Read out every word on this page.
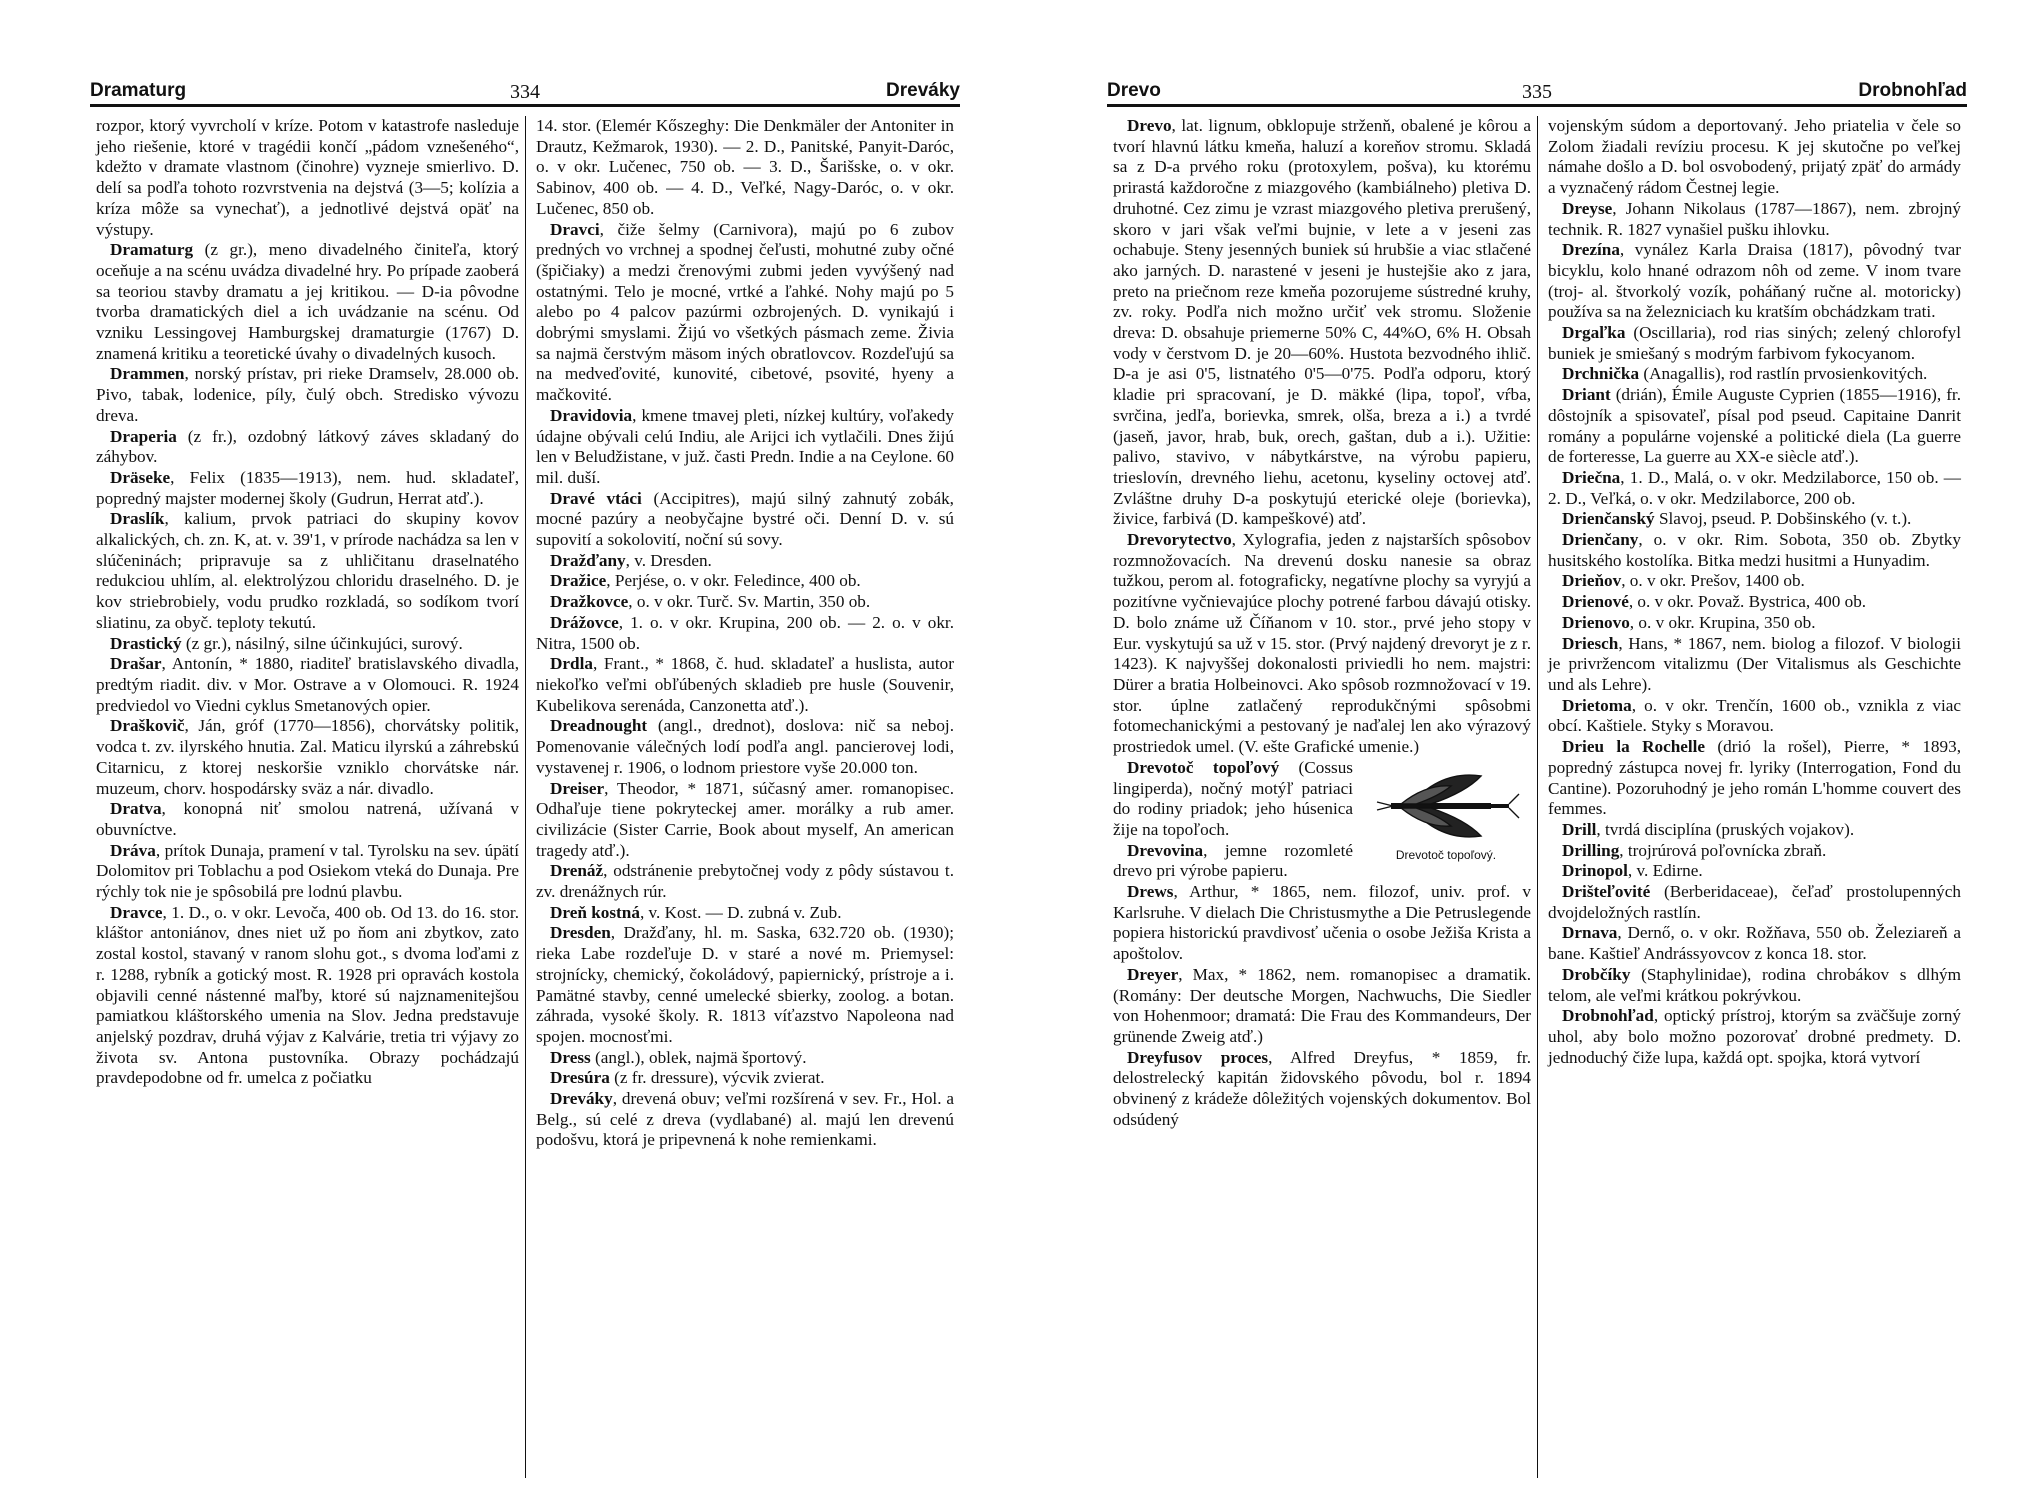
Dramaturg	334	Dreváky

rozpor, ktorý vyvrcholí v kríze. Potom v katastrofe nasleduje jeho riešenie, ktoré v tragédii končí „pádom vznešeného“, kdežto v dramate vlastnom (činohre) vyzneje smierlivo. D. delí sa podľa tohoto rozvrstvenia na dejstvá (3—5; kolízia a kríza môže sa vynechať), a jednotlivé dejstvá opäť na výstupy.

Dramaturg (z gr.), meno divadelného činiteľa, ktorý oceňuje a na scénu uvádza divadelné hry. Po prípade zaoberá sa teoriou stavby dramatu a jej kritikou. — D-ia pôvodne tvorba dramatických diel a ich uvádzanie na scénu. Od vzniku Lessingovej Hamburgskej dramaturgie (1767) D. znamená kritiku a teoretické úvahy o divadelných kusoch.

Drammen, norský prístav, pri rieke Dramselv, 28.000 ob. Pivo, tabak, lodenice, píly, čulý obch. Stredisko vývozu dreva.

Draperia (z fr.), ozdobný látkový záves skladaný do záhybov.

Dräseke, Felix (1835—1913), nem. hud. skladateľ, popredný majster modernej školy (Gudrun, Herrat atď.).

Draslík, kalium, prvok patriaci do skupiny kovov alkalických, ch. zn. K, at. v. 39'1, v prírode nachádza sa len v slúčeninách; pripravuje sa z uhličitanu draselnatého redukciou uhlím, al. elektrolýzou chloridu draselného. D. je kov striebrobiely, vodu prudko rozkladá, so sodíkom tvorí sliatinu, za obyč. teploty tekutú.

Drastický (z gr.), násilný, silne účinkujúci, surový.

Drašar, Antonín, * 1880, riaditeľ bratislavského divadla, predtým riadit. div. v Mor. Ostrave a v Olomouci. R. 1924 predviedol vo Viedni cyklus Smetanových opier.

Draškovič, Ján, gróf (1770—1856), chorvátsky politik, vodca t. zv. ilyrského hnutia. Zal. Maticu ilyrskú a záhrebskú Citarnicu, z ktorej neskoršie vzniklo chorvátske nár. muzeum, chorv. hospodársky sväz a nár. divadlo.

Dratva, konopná niť smolou natrená, užívaná v obuvníctve.

Dráva, prítok Dunaja, pramení v tal. Tyrolsku na sev. úpätí Dolomitov pri Toblachu a pod Osiekom vteká do Dunaja. Pre rýchly tok nie je spôsobilá pre lodnú plavbu.

Dravce, 1. D., o. v okr. Levoča, 400 ob. Od 13. do 16. stor. kláštor antoniánov, dnes niet už po ňom ani zbytkov, zato zostal kostol, stavaný v ranom slohu got., s dvoma loďami z r. 1288, rybník a gotický most. R. 1928 pri opravách kostola objavili cenné nástenné maľby, ktoré sú najznamenitejšou pamiatkou kláštorského umenia na Slov. Jedna predstavuje anjelský pozdrav, druhá výjav z Kalvárie, tretia tri výjavy zo života sv. Antona pustovníka. Obrazy pochádzajú pravdepodobne od fr. umelca z počiatku

14. stor. (Elemér Kőszeghy: Die Denkmäler der Antoniter in Drautz, Kežmarok, 1930). — 2. D., Panitské, Panyit-Daróc, o. v okr. Lučenec, 750 ob. — 3. D., Šarišske, o. v okr. Sabinov, 400 ob. — 4. D., Veľké, Nagy-Daróc, o. v okr. Lučenec, 850 ob.

Dravci, čiže šelmy (Carnivora), majú po 6 zubov predných vo vrchnej a spodnej čeľusti, mohutné zuby očné (špičiaky) a medzi črenovými zubmi jeden vyvýšený nad ostatnými. Telo je mocné, vrtké a ľahké. Nohy majú po 5 alebo po 4 palcov pazúrmi ozbrojených. D. vynikajú i dobrými smyslami. Žijú vo všetkých pásmach zeme. Živia sa najmä čerstvým mäsom iných obratlovcov. Rozdeľujú sa na medveďovité, kunovité, cibetové, psovité, hyeny a mačkovité.

Dravidovia, kmene tmavej pleti, nízkej kultúry, voľakedy údajne obývali celú Indiu, ale Arijci ich vytlačili. Dnes žijú len v Beludžistane, v juž. časti Predn. Indie a na Ceylone. 60 mil. duší.

Dravé vtáci (Accipitres), majú silný zahnutý zobák, mocné pazúry a neobyčajne bystré oči. Denní D. v. sú supovití a sokolovití, noční sú sovy.

Dražďany, v. Dresden.

Dražice, Perjése, o. v okr. Feledince, 400 ob.

Dražkovce, o. v okr. Turč. Sv. Martin, 350 ob.

Drážovce, 1. o. v okr. Krupina, 200 ob. — 2. o. v okr. Nitra, 1500 ob.

Drdla, Frant., * 1868, č. hud. skladateľ a huslista, autor niekoľko veľmi obľúbených skladieb pre husle (Souvenir, Kubelikova serenáda, Canzonetta atď.).

Dreadnought (angl., drednot), doslova: nič sa neboj. Pomenovanie válečných lodí podľa angl. pancierovej lodi, vystavenej r. 1906, o lodnom priestore vyše 20.000 ton.

Dreiser, Theodor, * 1871, súčasný amer. romanopisec. Odhaľuje tiene pokryteckej amer. morálky a rub amer. civilizácie (Sister Carrie, Book about myself, An american tragedy atď.).

Drenáž, odstránenie prebytočnej vody z pôdy sústavou t. zv. drenážnych rúr.

Dreň kostná, v. Kost. — D. zubná v. Zub.

Dresden, Dražďany, hl. m. Saska, 632.720 ob. (1930); rieka Labe rozdeľuje D. v staré a nové m. Priemysel: strojnícky, chemický, čokoládový, papiernický, prístroje a i. Pamätné stavby, cenné umelecké sbierky, zoolog. a botan. záhrada, vysoké školy. R. 1813 víťazstvo Napoleona nad spojen. mocnosťmi.

Dress (angl.), oblek, najmä športový.

Dresúra (z fr. dressure), výcvik zvierat.

Dreváky, drevená obuv; veľmi rozšírená v sev. Fr., Hol. a Belg., sú celé z dreva (vydlabané) al. majú len drevenú podošvu, ktorá je pripevnená k nohe remienkami.

Drevo	335	Drobnohľad

Drevo, lat. lignum, obklopuje strženň, obalené je kôrou a tvorí hlavnú látku kmeňa, haluzí a koreňov stromu. Skladá sa z D-a prvého roku (protoxylem, pošva), ku ktorému prirastá každoročne z miazgového (kambiálneho) pletiva D. druhotné. Cez zimu je vzrast miazgového pletiva prerušený, skoro v jari však veľmi bujnie, v lete a v jeseni zas ochabuje. Steny jesenných buniek sú hrubšie a viac stlačené ako jarných. D. narastené v jeseni je hustejšie ako z jara, preto na priečnom reze kmeňa pozorujeme sústredné kruhy, zv. roky. Podľa nich možno určiť vek stromu. Složenie dreva: D. obsahuje priemerne 50% C, 44%O, 6% H. Obsah vody v čerstvom D. je 20—60%. Hustota bezvodného ihlič. D-a je asi 0'5, listnatého 0'5—0'75. Podľa odporu, ktorý kladie pri spracovaní, je D. mäkké (lipa, topoľ, vŕba, svrčina, jedľa, borievka, smrek, olša, breza a i.) a tvrdé (jaseň, javor, hrab, buk, orech, gaštan, dub a i.). Užitie: palivo, stavivo, v nábytkárstve, na výrobu papieru, trieslovín, drevného liehu, acetonu, kyseliny octovej atď. Zvláštne druhy D-a poskytujú eterické oleje (borievka), živice, farbivá (D. kampeškové) atď.

Drevorytectvo, Xylografia, jeden z najstarších spôsobov rozmnožovacích. Na drevenú dosku nanesie sa obraz tužkou, perom al. fotograficky, negatívne plochy sa vyryjú a pozitívne vyčnievajúce plochy potrené farbou dávajú otisky. D. bolo známe už Číňanom v 10. stor., prvé jeho stopy v Eur. vyskytujú sa už v 15. stor. (Prvý najdený drevoryt je z r. 1423). K najvyššej dokonalosti priviedli ho nem. majstri: Dürer a bratia Holbeinovci. Ako spôsob rozmnožovací v 19. stor. úplne zatlačený reprodukčnými spôsobmi fotomechanickými a pestovaný je naďalej len ako výrazový prostriedok umel. (V. ešte Grafické umenie.)

Drevotoč topoľový.
Drevotoč topoľový (Cossus lingiperda), nočný motýľ patriaci do rodiny priadok; jeho húsenica žije na topoľoch.

Drevovina, jemne rozomleté drevo pri výrobe papieru.

Drews, Arthur, * 1865, nem. filozof, univ. prof. v Karlsruhe. V dielach Die Christusmythe a Die Petruslegende popiera historickú pravdivosť učenia o osobe Ježiša Krista a apoštolov.

Dreyer, Max, * 1862, nem. romanopisec a dramatik. (Romány: Der deutsche Morgen, Nachwuchs, Die Siedler von Hohenmoor; dramatá: Die Frau des Kommandeurs, Der grünende Zweig atď.)

Dreyfusov proces, Alfred Dreyfus, * 1859, fr. delostrelecký kapitán židovského pôvodu, bol r. 1894 obvinený z krádeže dôležitých vojenských dokumentov. Bol odsúdený

vojenským súdom a deportovaný. Jeho priatelia v čele so Zolom žiadali revíziu procesu. K jej skutočne po veľkej námahe došlo a D. bol osvobodený, prijatý zpäť do armády a vyznačený rádom Čestnej legie.

Dreyse, Johann Nikolaus (1787—1867), nem. zbrojný technik. R. 1827 vynašiel pušku ihlovku.

Drezína, vynález Karla Draisa (1817), pôvodný tvar bicyklu, kolo hnané odrazom nôh od zeme. V inom tvare (troj- al. štvorkolý vozík, poháňaný ručne al. motoricky) používa sa na železniciach ku kratším obchádzkam trati.

Drgaľka (Oscillaria), rod rias siných; zelený chlorofyl buniek je smiešaný s modrým farbivom fykocyanom.

Drchnička (Anagallis), rod rastlín prvosienkovitých.

Driant (drián), Émile Auguste Cyprien (1855—1916), fr. dôstojník a spisovateľ, písal pod pseud. Capitaine Danrit romány a populárne vojenské a politické diela (La guerre de forteresse, La guerre au XX-e siècle atď.).

Driečna, 1. D., Malá, o. v okr. Medzilaborce, 150 ob. — 2. D., Veľká, o. v okr. Medzilaborce, 200 ob.

Drienčanský Slavoj, pseud. P. Dobšinského (v. t.).

Drienčany, o. v okr. Rim. Sobota, 350 ob. Zbytky husitského kostolíka. Bitka medzi husitmi a Hunyadim.

Drieňov, o. v okr. Prešov, 1400 ob.

Drienové, o. v okr. Považ. Bystrica, 400 ob.

Drienovo, o. v okr. Krupina, 350 ob.

Driesch, Hans, * 1867, nem. biolog a filozof. V biologii je privržencom vitalizmu (Der Vitalismus als Geschichte und als Lehre).

Drietoma, o. v okr. Trenčín, 1600 ob., vznikla z viac obcí. Kaštiele. Styky s Moravou.

Drieu la Rochelle (drió la rošel), Pierre, * 1893, popredný zástupca novej fr. lyriky (Interrogation, Fond du Cantine). Pozoruhodný je jeho román L'homme couvert des femmes.

Drill, tvrdá disciplína (pruských vojakov).

Drilling, trojrúrová poľovnícka zbraň.

Drinopol, v. Edirne.

Drišteľovité (Berberidaceae), čeľaď prostolupenných dvojdeložných rastlín.

Drnava, Dernő, o. v okr. Rožňava, 550 ob. Železiareň a bane. Kaštieľ Andrássyovcov z konca 18. stor.

Drobčíky (Staphylinidae), rodina chrobákov s dlhým telom, ale veľmi krátkou pokrývkou.

Drobnohľad, optický prístroj, ktorým sa zväčšuje zorný uhol, aby bolo možno pozorovať drobné predmety. D. jednoduchý čiže lupa, každá opt. spojka, ktorá vytvorí
